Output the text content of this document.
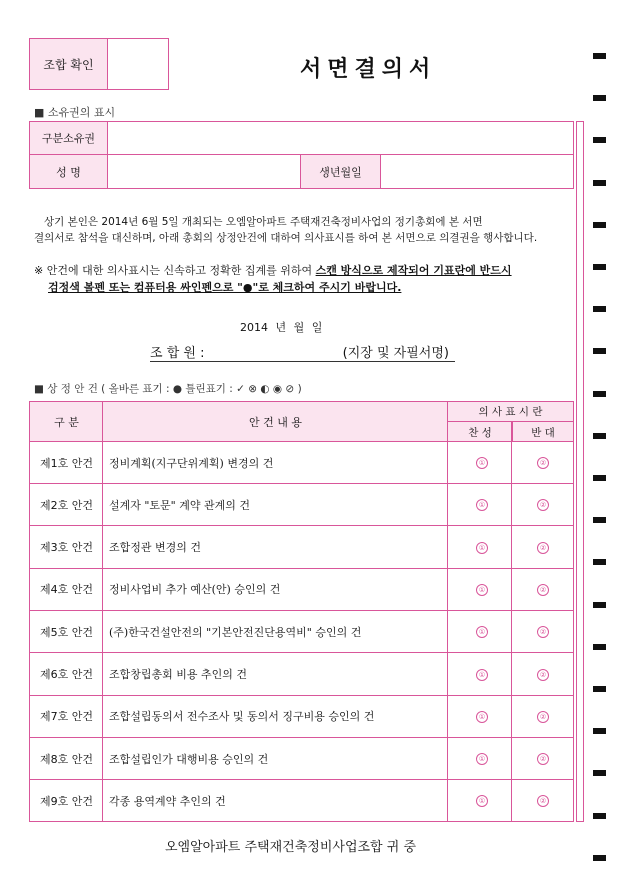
조합 확인	서면결의서
■ 소유권의 표시
구분소유권
성 명	생년월일
상기 본인은 2014년 6월 5일 개최되는 오엠알아파트 주택재건축정비사업의 정기총회에 본 서면
결의서로 참석을 대신하며, 아래 총회의 상정안건에 대하여 의사표시를 하여 본 서면으로 의결권을 행사합니다.
※ 안건에 대한 의사표시는 신속하고 정확한 집계를 위하여 스캔 방식으로 제작되어 기표란에 반드시
검정색 볼펜 또는 컴퓨터용 싸인펜으로 "●"로 체크하여 주시기 바랍니다.
2014 년 월 일
조 합 원 :	(지장 및 자필서명)
■ 상 정 안 건 ( 올바른 표기 : ● 틀린표기 : ✓ ⊗ ◐ ◉ ⊘ )
구 분	안 건 내 용
의 사 표 시 란
찬 성	반 대
제1호 안건	정비계획(지구단위계획) 변경의 건	①	②
제2호 안건	설계자 "토문" 계약 관계의 건	①	②
제3호 안건	조합정관 변경의 건	①	②
제4호 안건	정비사업비 추가 예산(안) 승인의 건	①	②
제5호 안건	(주)한국건설안전의 "기본안전진단용역비" 승인의 건	①	②
제6호 안건	조합창립총회 비용 추인의 건	①	②
제7호 안건	조합설립동의서 전수조사 및 동의서 징구비용 승인의 건	①	②
제8호 안건	조합설립인가 대행비용 승인의 건	①	②
제9호 안건	각종 용역계약 추인의 건	①	②
오엠알아파트 주택재건축정비사업조합 귀 중
